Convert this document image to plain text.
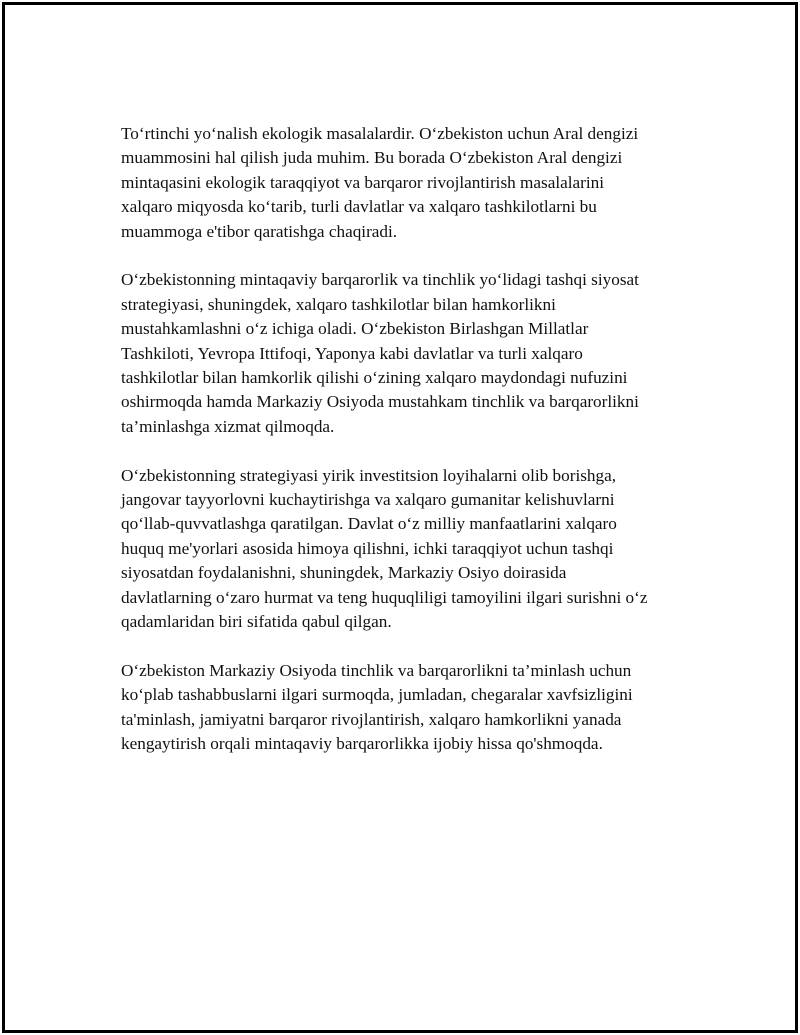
To‘rtinchi yo‘nalish ekologik masalalardir. O‘zbekiston uchun Aral dengizi
muammosini hal qilish juda muhim. Bu borada O‘zbekiston Aral dengizi
mintaqasini ekologik taraqqiyot va barqaror rivojlantirish masalalarini
xalqaro miqyosda ko‘tarib, turli davlatlar va xalqaro tashkilotlarni bu
muammoga e'tibor qaratishga chaqiradi.

O‘zbekistonning mintaqaviy barqarorlik va tinchlik yo‘lidagi tashqi siyosat
strategiyasi, shuningdek, xalqaro tashkilotlar bilan hamkorlikni
mustahkamlashni o‘z ichiga oladi. O‘zbekiston Birlashgan Millatlar
Tashkiloti, Yevropa Ittifoqi, Yaponya kabi davlatlar va turli xalqaro
tashkilotlar bilan hamkorlik qilishi o‘zining xalqaro maydondagi nufuzini
oshirmoqda hamda Markaziy Osiyoda mustahkam tinchlik va barqarorlikni
ta’minlashga xizmat qilmoqda.

O‘zbekistonning strategiyasi yirik investitsion loyihalarni olib borishga,
jangovar tayyorlovni kuchaytirishga va xalqaro gumanitar kelishuvlarni
qo‘llab-quvvatlashga qaratilgan. Davlat o‘z milliy manfaatlarini xalqaro
huquq me'yorlari asosida himoya qilishni, ichki taraqqiyot uchun tashqi
siyosatdan foydalanishni, shuningdek, Markaziy Osiyo doirasida
davlatlarning o‘zaro hurmat va teng huquqliligi tamoyilini ilgari surishni o‘z
qadamlaridan biri sifatida qabul qilgan.

O‘zbekiston Markaziy Osiyoda tinchlik va barqarorlikni ta’minlash uchun
ko‘plab tashabbuslarni ilgari surmoqda, jumladan, chegaralar xavfsizligini
ta'minlash, jamiyatni barqaror rivojlantirish, xalqaro hamkorlikni yanada
kengaytirish orqali mintaqaviy barqarorlikka ijobiy hissa qo'shmoqda.
